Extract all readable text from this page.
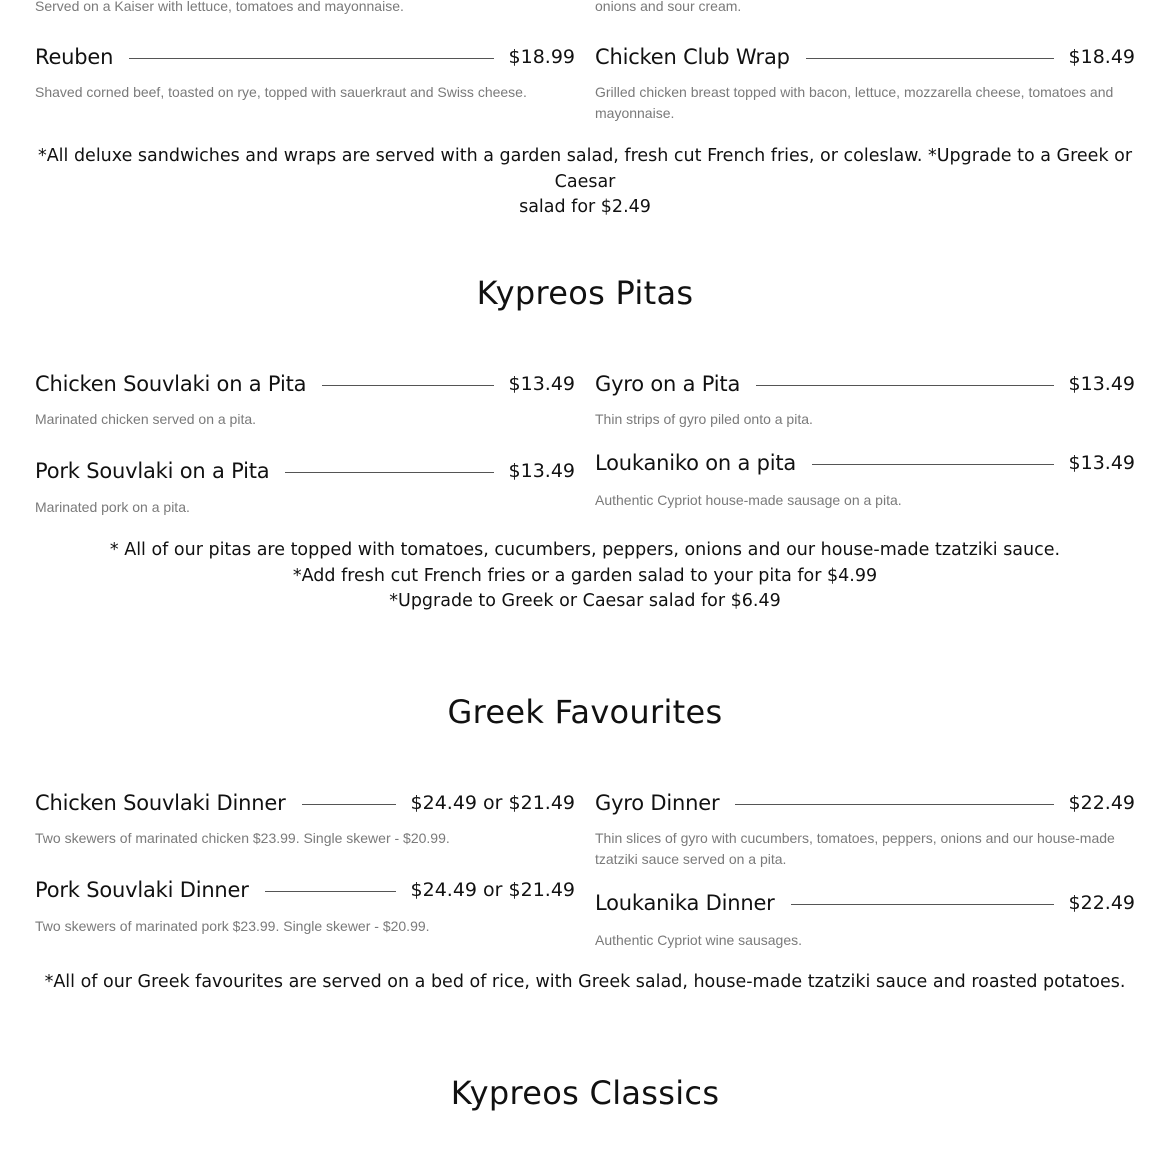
Served on a Kaiser with lettuce, tomatoes and mayonnaise.	onions and sour cream.
Reuben	$18.99
Shaved corned beef, toasted on rye, topped with sauerkraut and Swiss cheese.
Chicken Club Wrap	$18.49
Grilled chicken breast topped with bacon, lettuce, mozzarella cheese, tomatoes and mayonnaise.
*All deluxe sandwiches and wraps are served with a garden salad, fresh cut French fries, or coleslaw. *Upgrade to a Greek or Caesar
salad for $2.49
Kypreos Pitas
Chicken Souvlaki on a Pita	$13.49
Marinated chicken served on a pita.
Pork Souvlaki on a Pita	$13.49
Marinated pork on a pita.
Gyro on a Pita	$13.49
Thin strips of gyro piled onto a pita.
Loukaniko on a pita	$13.49
Authentic Cypriot house-made sausage on a pita.
* All of our pitas are topped with tomatoes, cucumbers, peppers, onions and our house-made tzatziki sauce.
*Add fresh cut French fries or a garden salad to your pita for $4.99
*Upgrade to Greek or Caesar salad for $6.49
Greek Favourites
Chicken Souvlaki Dinner	$24.49 or $21.49
Two skewers of marinated chicken $23.99. Single skewer - $20.99.
Pork Souvlaki Dinner	$24.49 or $21.49
Two skewers of marinated pork $23.99. Single skewer - $20.99.
Gyro Dinner	$22.49
Thin slices of gyro with cucumbers, tomatoes, peppers, onions and our house-made tzatziki sauce served on a pita.
Loukanika Dinner	$22.49
Authentic Cypriot wine sausages.
*All of our Greek favourites are served on a bed of rice, with Greek salad, house-made tzatziki sauce and roasted potatoes.
Kypreos Classics
